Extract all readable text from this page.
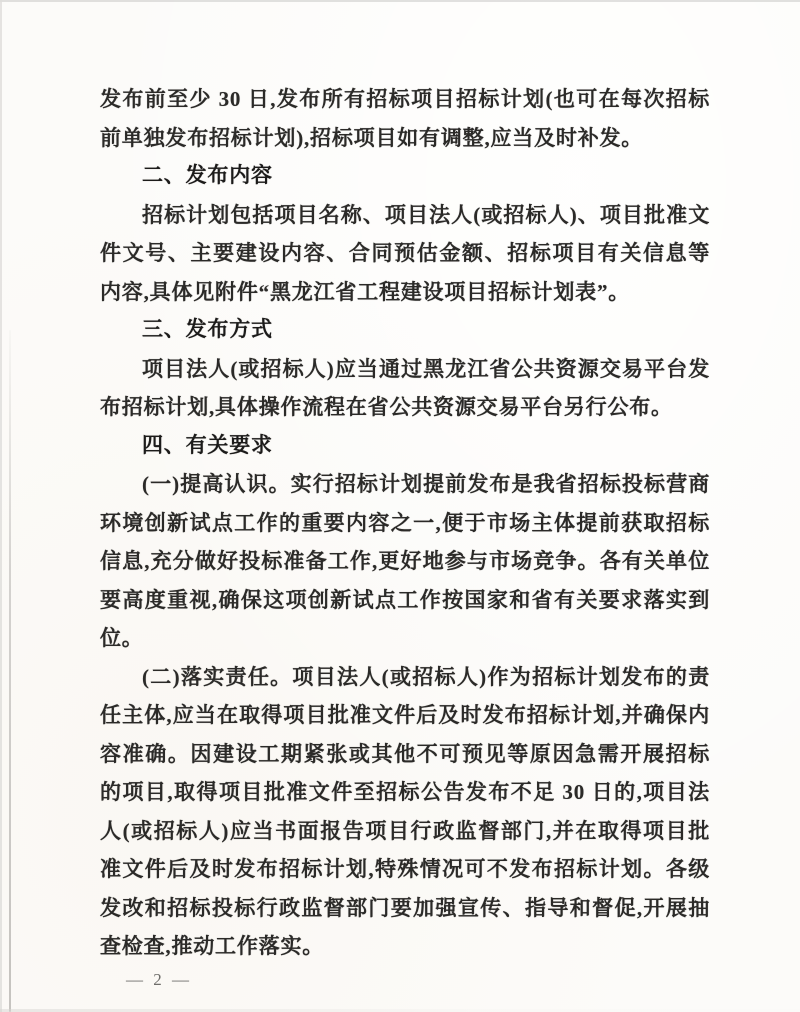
发布前至少 30 日,发布所有招标项目招标计划(也可在每次招标前单独发布招标计划),招标项目如有调整,应当及时补发。

二、发布内容

招标计划包括项目名称、项目法人(或招标人)、项目批准文件文号、主要建设内容、合同预估金额、招标项目有关信息等内容,具体见附件“黑龙江省工程建设项目招标计划表”。

三、发布方式

项目法人(或招标人)应当通过黑龙江省公共资源交易平台发布招标计划,具体操作流程在省公共资源交易平台另行公布。

四、有关要求

(一)提高认识。实行招标计划提前发布是我省招标投标营商环境创新试点工作的重要内容之一,便于市场主体提前获取招标信息,充分做好投标准备工作,更好地参与市场竞争。各有关单位要高度重视,确保这项创新试点工作按国家和省有关要求落实到位。

(二)落实责任。项目法人(或招标人)作为招标计划发布的责任主体,应当在取得项目批准文件后及时发布招标计划,并确保内容准确。因建设工期紧张或其他不可预见等原因急需开展招标的项目,取得项目批准文件至招标公告发布不足 30 日的,项目法人(或招标人)应当书面报告项目行政监督部门,并在取得项目批准文件后及时发布招标计划,特殊情况可不发布招标计划。各级发改和招标投标行政监督部门要加强宣传、指导和督促,开展抽查检查,推动工作落实。

— 2 —
